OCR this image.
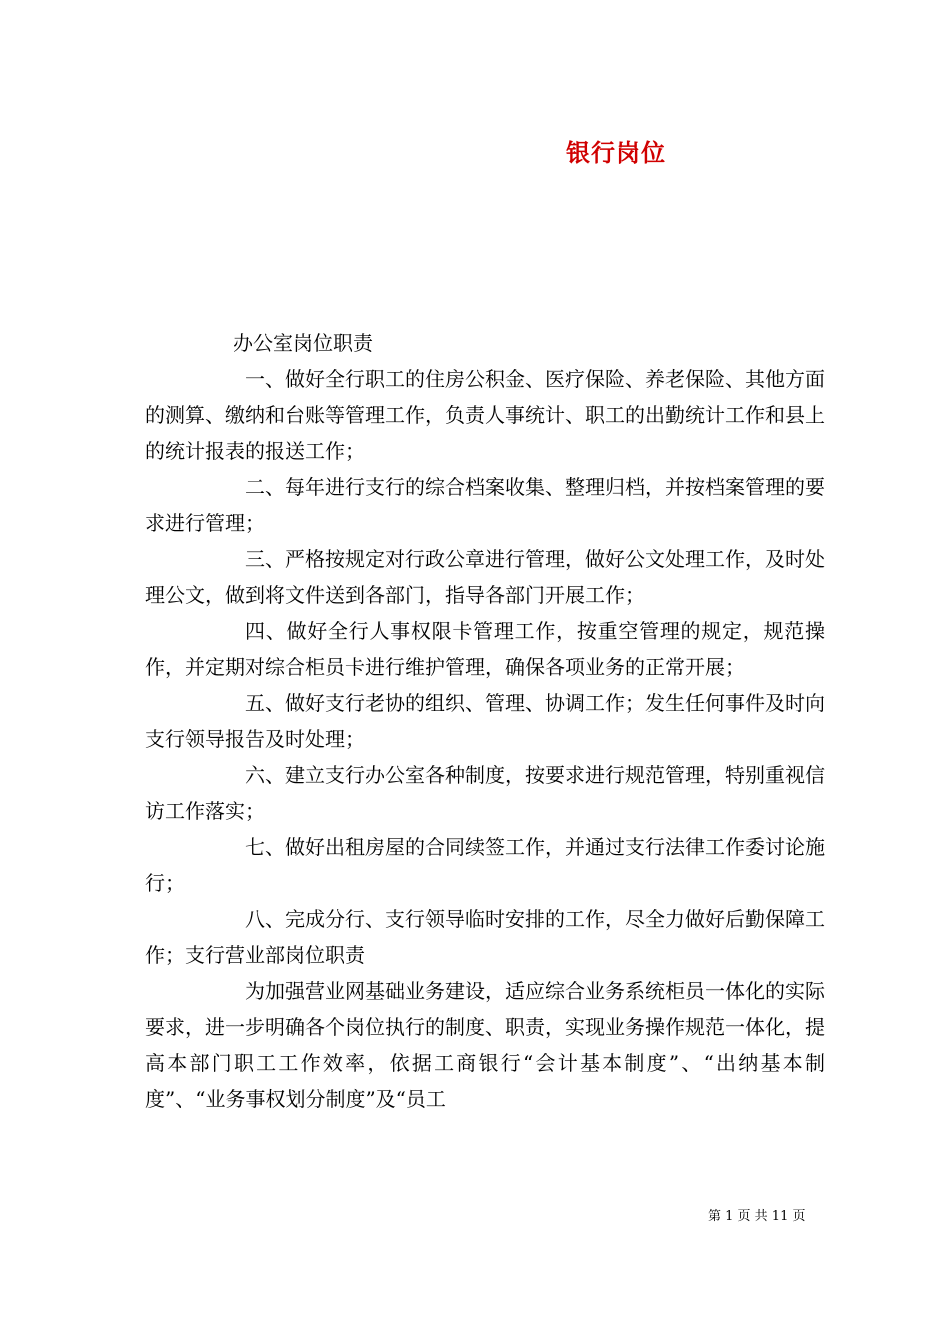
银行岗位

办公室岗位职责

一、做好全行职工的住房公积金、医疗保险、养老保险、其他方面的测算、缴纳和台账等管理工作，负责人事统计、职工的出勤统计工作和县上的统计报表的报送工作；

二、每年进行支行的综合档案收集、整理归档，并按档案管理的要求进行管理；

三、严格按规定对行政公章进行管理，做好公文处理工作，及时处理公文，做到将文件送到各部门，指导各部门开展工作；

四、做好全行人事权限卡管理工作，按重空管理的规定，规范操作，并定期对综合柜员卡进行维护管理，确保各项业务的正常开展；

五、做好支行老协的组织、管理、协调工作；发生任何事件及时向支行领导报告及时处理；

六、建立支行办公室各种制度，按要求进行规范管理，特别重视信访工作落实；

七、做好出租房屋的合同续签工作，并通过支行法律工作委讨论施行；

八、完成分行、支行领导临时安排的工作，尽全力做好后勤保障工作；支行营业部岗位职责

为加强营业网基础业务建设，适应综合业务系统柜员一体化的实际要求，进一步明确各个岗位执行的制度、职责，实现业务操作规范一体化，提高本部门职工工作效率，依据工商银行“会计基本制度”、“出纳基本制度”、“业务事权划分制度”及“员工

第 1 页 共 11 页
